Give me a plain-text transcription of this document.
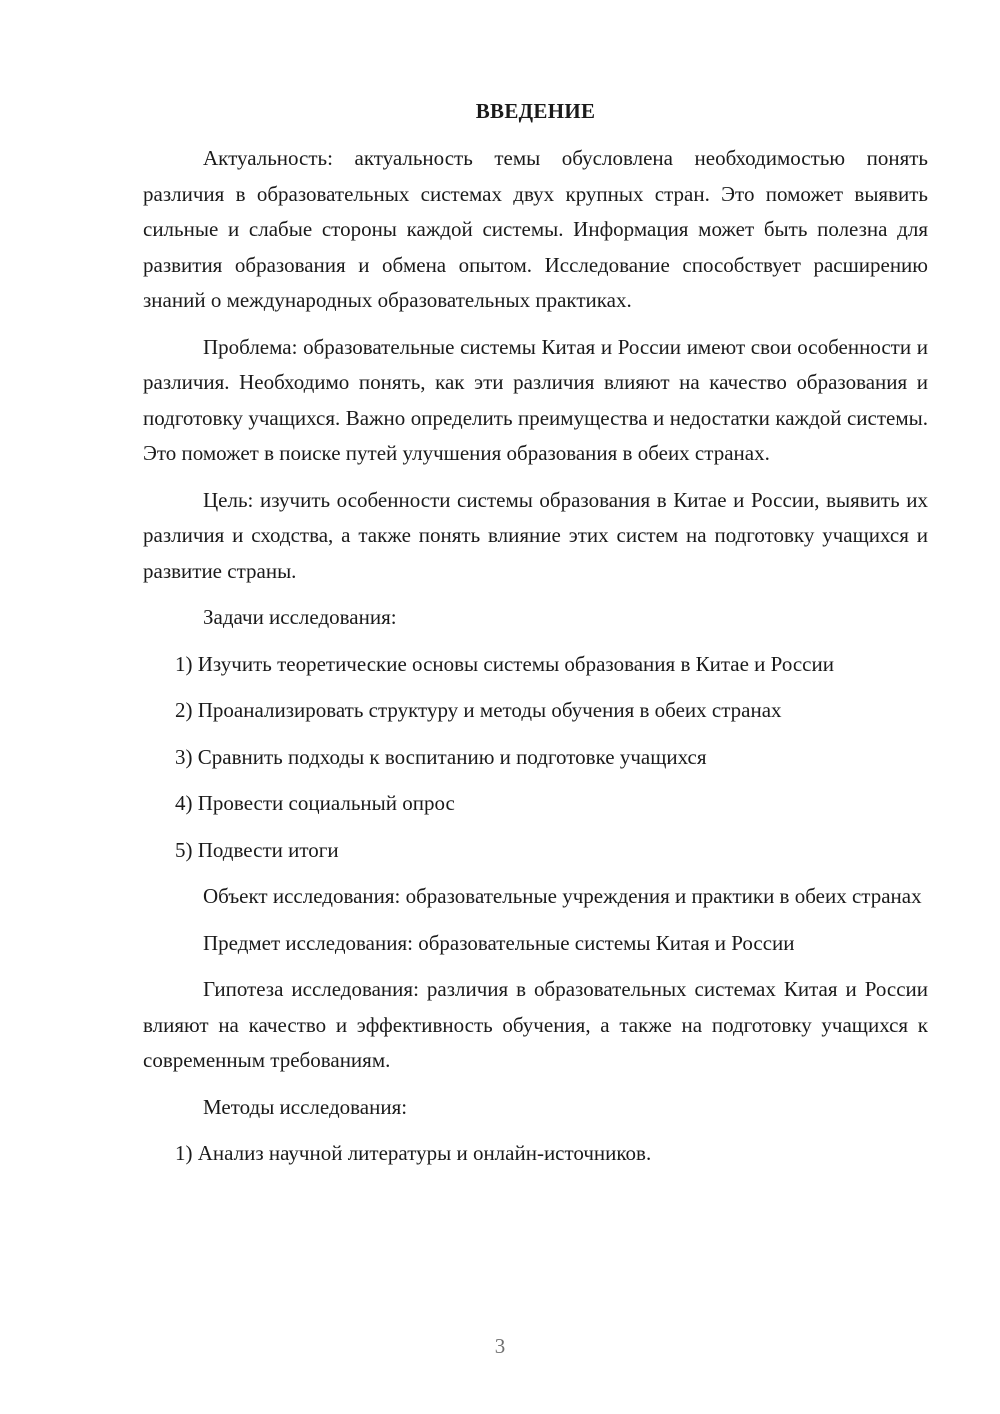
ВВЕДЕНИЕ

Актуальность: актуальность темы обусловлена необходимостью понять различия в образовательных системах двух крупных стран. Это поможет выявить сильные и слабые стороны каждой системы. Информация может быть полезна для развития образования и обмена опытом. Исследование способствует расширению знаний о международных образовательных практиках.

Проблема: образовательные системы Китая и России имеют свои особенности и различия. Необходимо понять, как эти различия влияют на качество образования и подготовку учащихся. Важно определить преимущества и недостатки каждой системы. Это поможет в поиске путей улучшения образования в обеих странах.

Цель: изучить особенности системы образования в Китае и России, выявить их различия и сходства, а также понять влияние этих систем на подготовку учащихся и развитие страны.

Задачи исследования:

1) Изучить теоретические основы системы образования в Китае и России

2) Проанализировать структуру и методы обучения в обеих странах

3) Сравнить подходы к воспитанию и подготовке учащихся

4) Провести социальный опрос

5) Подвести итоги

Объект исследования: образовательные учреждения и практики в обеих странах

Предмет исследования: образовательные системы Китая и России

Гипотеза исследования: различия в образовательных системах Китая и России влияют на качество и эффективность обучения, а также на подготовку учащихся к современным требованиям.

Методы исследования:

1) Анализ научной литературы и онлайн-источников.

3
